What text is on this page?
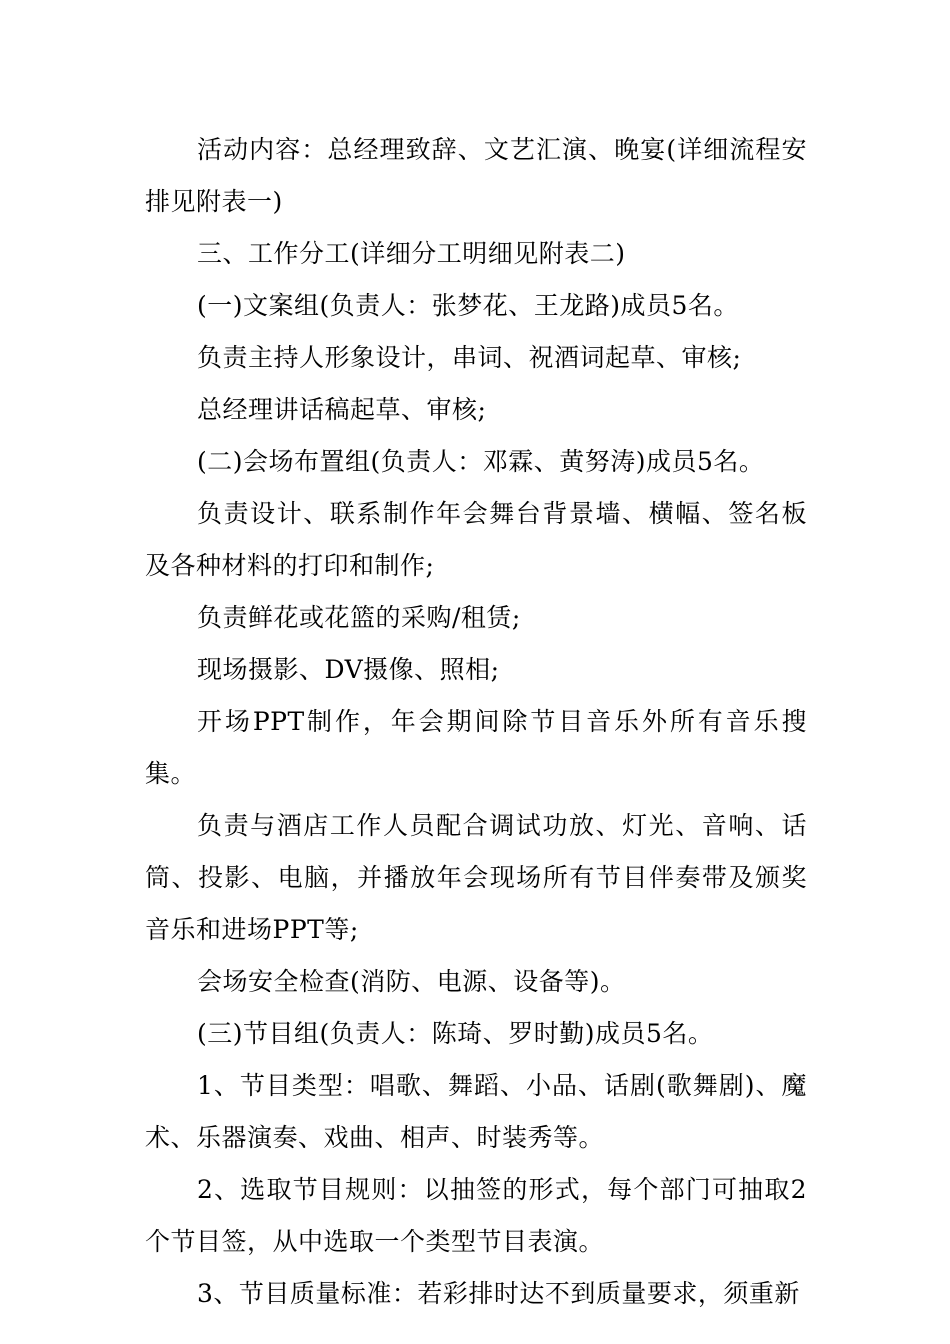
活动内容：总经理致辞、文艺汇演、晚宴(详细流程安排见附表一)

三、工作分工(详细分工明细见附表二)

(一)文案组(负责人：张梦花、王龙路)成员5名。

负责主持人形象设计，串词、祝酒词起草、审核;

总经理讲话稿起草、审核;

(二)会场布置组(负责人：邓霖、黄努涛)成员5名。

负责设计、联系制作年会舞台背景墙、横幅、签名板及各种材料的打印和制作;

负责鲜花或花篮的采购/租赁;

现场摄影、DV摄像、照相;

开场PPT制作，年会期间除节目音乐外所有音乐搜集。

负责与酒店工作人员配合调试功放、灯光、音响、话筒、投影、电脑，并播放年会现场所有节目伴奏带及颁奖音乐和进场PPT等;

会场安全检查(消防、电源、设备等)。

(三)节目组(负责人：陈琦、罗时勤)成员5名。

1、节目类型：唱歌、舞蹈、小品、话剧(歌舞剧)、魔术、乐器演奏、戏曲、相声、时装秀等。

2、选取节目规则：以抽签的形式，每个部门可抽取2个节目签，从中选取一个类型节目表演。

3、节目质量标准：若彩排时达不到质量要求，须重新
